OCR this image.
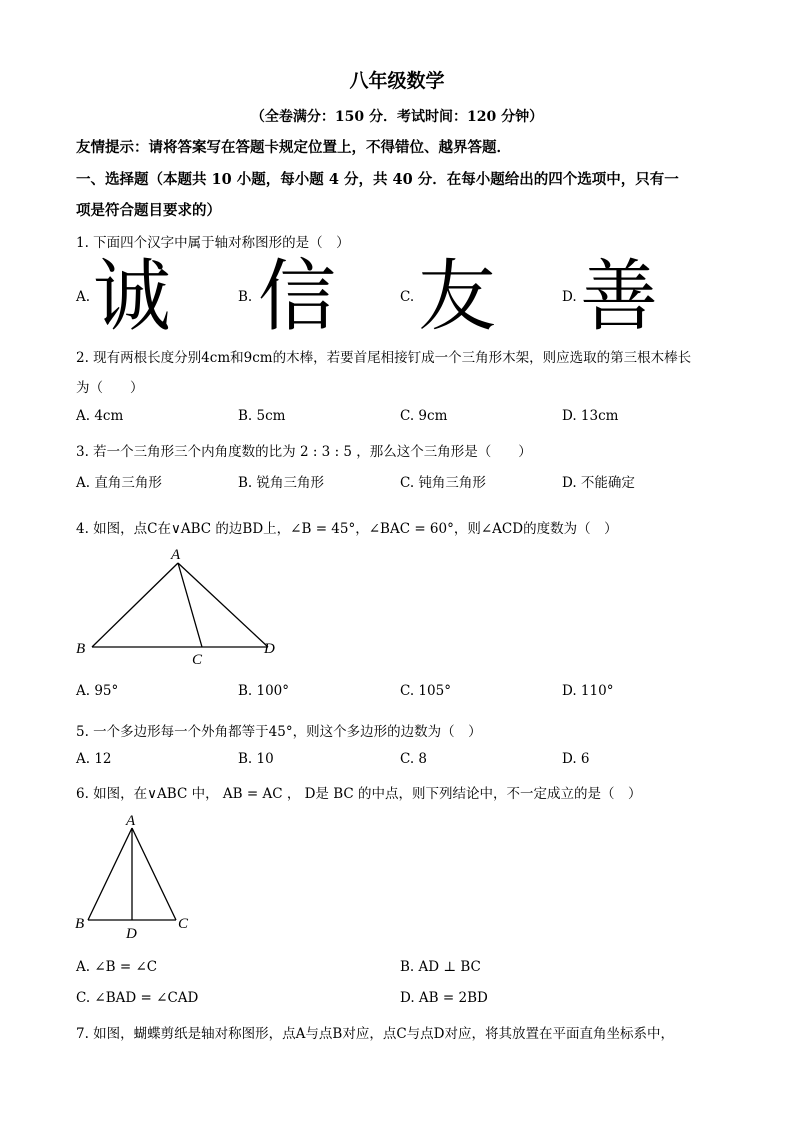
八年级数学
（全卷满分：150 分．考试时间：120 分钟）
友情提示：请将答案写在答题卡规定位置上，不得错位、越界答题．
一、选择题（本题共 10 小题，每小题 4 分，共 40 分．在每小题给出的四个选项中，只有一
项是符合题目要求的）
1. 下面四个汉字中属于轴对称图形的是（　）
A. 诚	B. 信	C. 友	D. 善
2. 现有两根长度分别4cm和9cm的木棒，若要首尾相接钉成一个三角形木架，则应选取的第三根木棒长
为（　　）
A. 4cm	B. 5cm	C. 9cm	D. 13cm
3. 若一个三角形三个内角度数的比为 2 : 3 : 5 ，那么这个三角形是（　　）
A. 直角三角形	B. 锐角三角形	C. 钝角三角形	D. 不能确定
4. 如图，点C在∨ABC 的边BD上，∠B = 45°，∠BAC = 60°，则∠ACD的度数为（　）
A
B
C
D
A. 95°	B. 100°	C. 105°	D. 110°
5. 一个多边形每一个外角都等于45°，则这个多边形的边数为（　）
A. 12	B. 10	C. 8	D. 6
6. 如图，在∨ABC 中， AB = AC ， D是 BC 的中点，则下列结论中，不一定成立的是（　）
A
B	C
D
A. ∠B = ∠C	B. AD ⊥ BC
C. ∠BAD = ∠CAD	D. AB = 2BD
7. 如图，蝴蝶剪纸是轴对称图形，点A与点B对应，点C与点D对应，将其放置在平面直角坐标系中，
